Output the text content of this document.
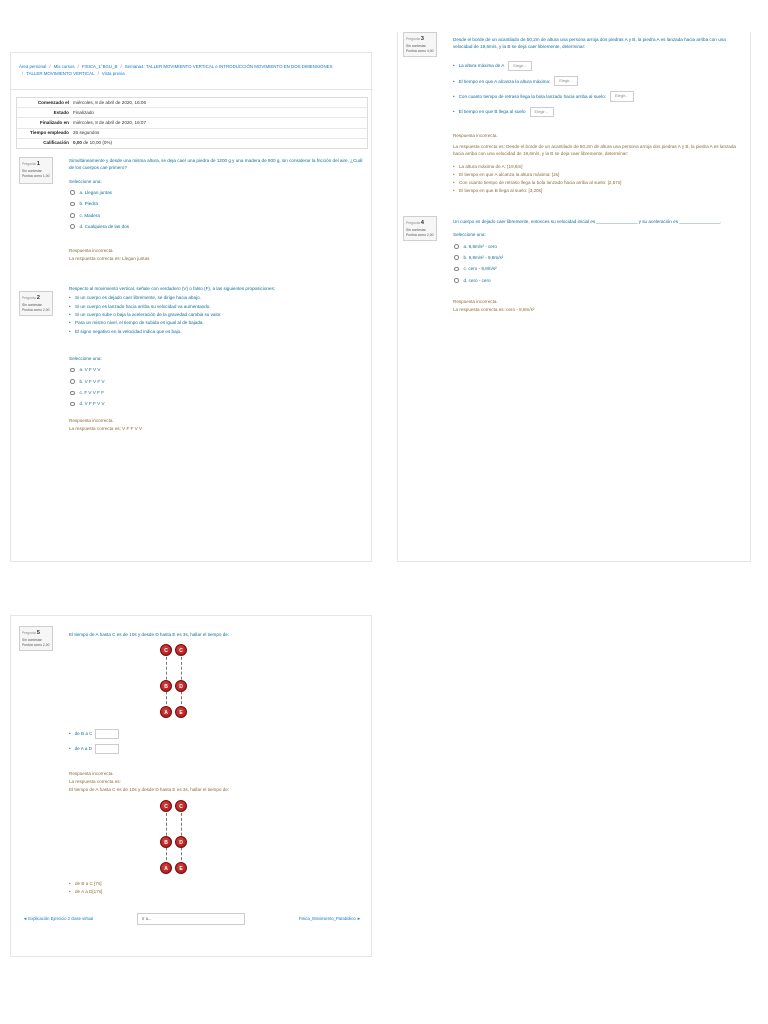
Área personal / Mis cursos / FISICA_1°BGU_B / Semana4: TALLER MOVIMIENTO VERTICAL e INTRODUCCIÓN MOVIMIENTO EN DOS DIMENSIONES
/ TALLER MOVIMIENTO VERTICAL / Vista previa
Comenzado el miércoles, 8 de abril de 2020, 16:06
Estado Finalizado
Finalizado en miércoles, 8 de abril de 2020, 16:07
Tiempo empleado 26 segundos
Calificación 0,00 de 10,00 (0%)
Pregunta 1
Sin contestar
Puntúa como 1,00
Simultáneamente y desde una misma altura, se deja caer una piedra de 1200 g y una madera de 900 g, sin considerar la fricción del aire. ¿Cuál de los cuerpos cae primero?
Seleccione una:
a. Llegan juntas
b. Piedra
c. Madera
d. Cualquiera de las dos
Respuesta incorrecta.
La respuesta correcta es: Llegan juntas
Pregunta 2
Sin contestar
Puntúa como 2,00
Respecto al movimiento vertical, señale con verdadero (V) o falso (F), a las siguientes proposiciones:
• Si un cuerpo es dejado caer libremente, se dirige hacia abajo.
• Si un cuerpo es lanzado hacia arriba su velocidad va aumentando.
• Si un cuerpo sube o baja la aceleración de la gravedad cambia su valor.
• Para un mismo nivel, el tiempo de subida es igual al de bajada.
• El signo negativo en la velocidad indica que es bajo.
Seleccione una:
a. V F V V
b. V F V F V
c. F V V F F
d. V F F V V
Respuesta incorrecta.
La respuesta correcta es: V F F V V
Pregunta 3
Sin contestar
Puntúa como 4,00
Desde el borde de un acantilado de 50,2m de altura una persona arroja dos piedras A y B, la piedra A es lanzada hacia arriba con una velocidad de 19,6m/s, y la B se deja caer libremente, determinar:
• La altura máxima de A	Elegir...
• El tiempo en que A alcanza la altura máxima:	Elegir...
• Con cuanto tiempo de retraso llega la bola lanzado hacia arriba al suelo:	Elegir...
• El tiempo en que B llega al suelo	Elegir...
Respuesta incorrecta.
La respuesta correcta es: Desde el borde de un acantilado de 50,2m de altura una persona arroja dos piedras A y B, la piedra A es lanzada hacia arriba con una velocidad de 19,6m/s, y la B se deja caer libremente, determinar:
• La altura máxima de A: [19,6m]
• El tiempo en que A alcanza la altura máxima: [2s]
• Con cuanto tiempo de retraso llega la bola lanzado hacia arriba al suelo: [2,57s]
• El tiempo en que B llega al suelo: [3,20s]
Pregunta 4
Sin contestar
Puntúa como 2,00
Un cuerpo es dejado caer libremente, entonces su velocidad inicial es ________________ y su aceleración es ________________.
Seleccione una:
a. 9,8m/s² - cero
b. 9,8m/s² - 9,8m/s²
c. cero - 9,8m/s²
d. cero - cero
Respuesta incorrecta.
La respuesta correcta es: cero - 9,8m/s²
Pregunta 5
Sin contestar
Puntúa como 2,00
El tiempo de A hasta C es de 10s y desde D hasta E es 3s, hallar el tiempo de:
C	C
B	D
A	E
• de B a C
• de A a D
Respuesta incorrecta.
La respuesta correcta es:
El tiempo de A hasta C es de 10s y desde D hasta E es 3s, hallar el tiempo de:
C	C
B	D
A	E
• de B a C [7s]
• de A a D[17s]
◄ Explicación Ejercicio 2 clase virtual	Ir a...	Fisica_Movimiento_Parabolico ►
